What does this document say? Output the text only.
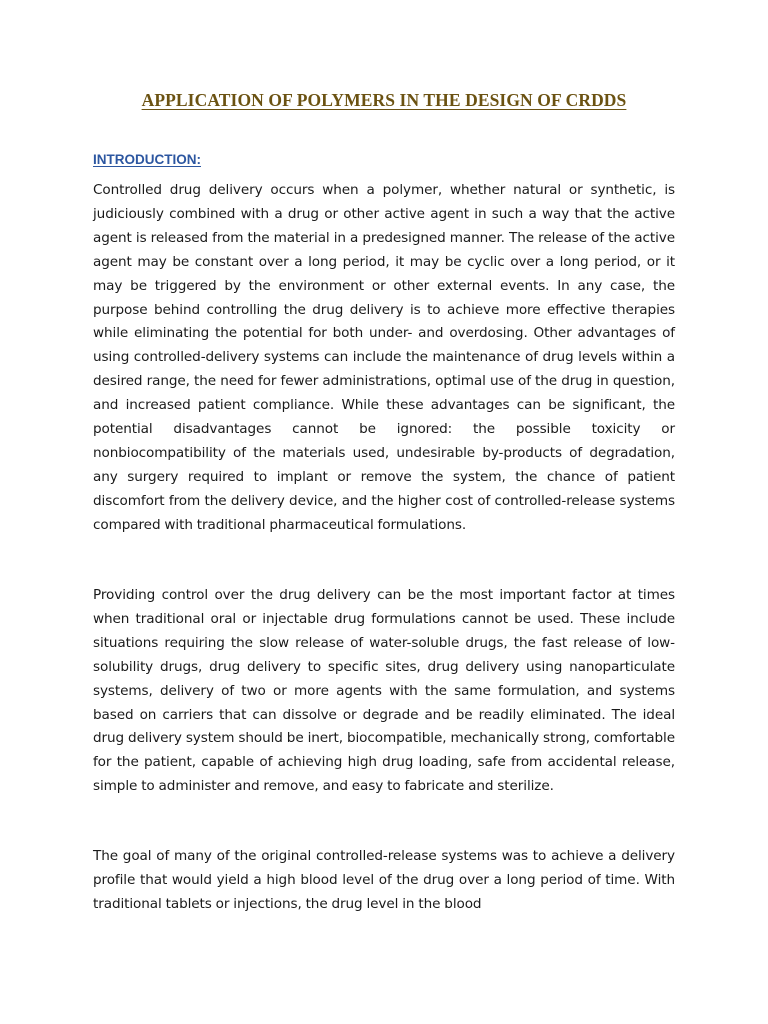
APPLICATION OF POLYMERS IN THE DESIGN OF CRDDS
INTRODUCTION:

Controlled drug delivery occurs when a polymer, whether natural or synthetic, is judiciously combined with a drug or other active agent in such a way that the active agent is released from the material in a predesigned manner. The release of the active agent may be constant over a long period, it may be cyclic over a long period, or it may be triggered by the environment or other external events. In any case, the purpose behind controlling the drug delivery is to achieve more effective therapies while eliminating the potential for both under- and overdosing. Other advantages of using controlled-delivery systems can include the maintenance of drug levels within a desired range, the need for fewer administrations, optimal use of the drug in question, and increased patient compliance. While these advantages can be significant, the potential disadvantages cannot be ignored: the possible toxicity or nonbiocompatibility of the materials used, undesirable by-products of degradation, any surgery required to implant or remove the system, the chance of patient discomfort from the delivery device, and the higher cost of controlled-release systems compared with traditional pharmaceutical formulations.

Providing control over the drug delivery can be the most important factor at times when traditional oral or injectable drug formulations cannot be used. These include situations requiring the slow release of water-soluble drugs, the fast release of low-solubility drugs, drug delivery to specific sites, drug delivery using nanoparticulate systems, delivery of two or more agents with the same formulation, and systems based on carriers that can dissolve or degrade and be readily eliminated. The ideal drug delivery system should be inert, biocompatible, mechanically strong, comfortable for the patient, capable of achieving high drug loading, safe from accidental release, simple to administer and remove, and easy to fabricate and sterilize.

The goal of many of the original controlled-release systems was to achieve a delivery profile that would yield a high blood level of the drug over a long period of time. With traditional tablets or injections, the drug level in the blood
